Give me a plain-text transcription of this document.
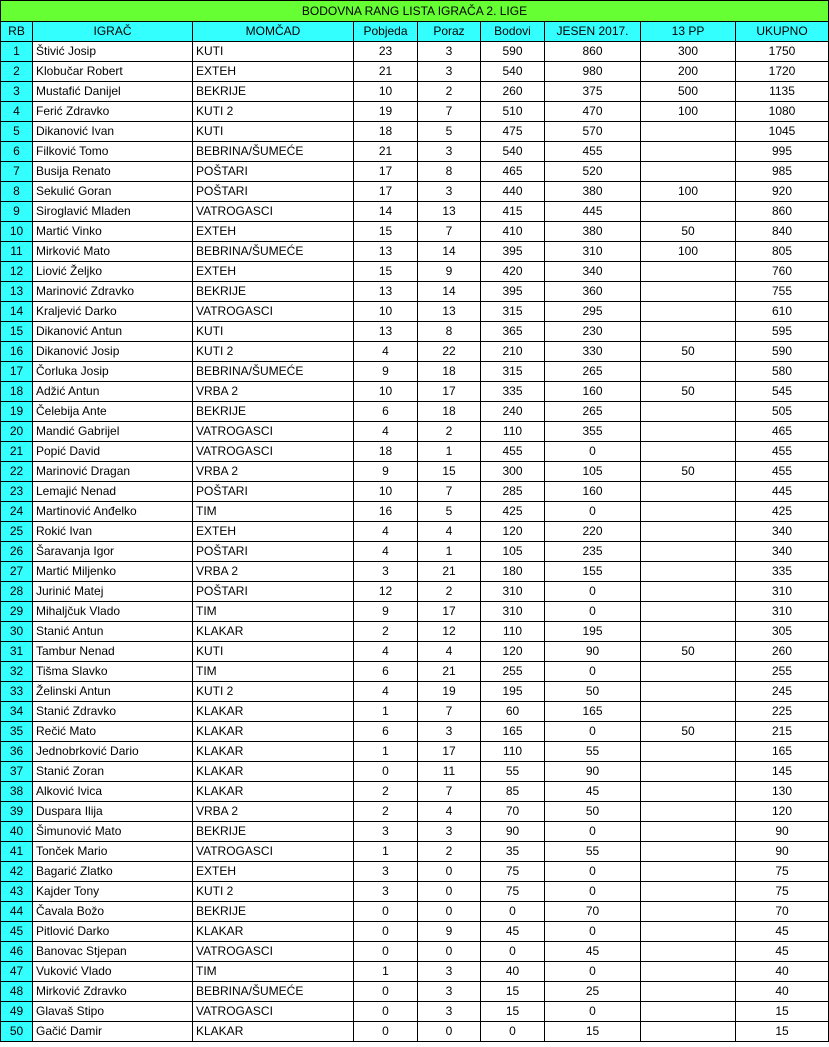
BODOVNA RANG LISTA IGRAČA 2. LIGE								
RB	IGRAČ	MOMČAD	Pobjeda	Poraz	Bodovi	JESEN 2017.	13 PP	UKUPNO
1	Štivić Josip	KUTI	23	3	590	860	300	1750
2	Klobučar Robert	EXTEH	21	3	540	980	200	1720
3	Mustafić Danijel	BEKRIJE	10	2	260	375	500	1135
4	Ferić Zdravko	KUTI 2	19	7	510	470	100	1080
5	Dikanović Ivan	KUTI	18	5	475	570		1045
6	Filković Tomo	BEBRINA/ŠUMEĆE	21	3	540	455		995
7	Busija Renato	POŠTARI	17	8	465	520		985
8	Sekulić Goran	POŠTARI	17	3	440	380	100	920
9	Siroglavić Mladen	VATROGASCI	14	13	415	445		860
10	Martić Vinko	EXTEH	15	7	410	380	50	840
11	Mirković Mato	BEBRINA/ŠUMEĆE	13	14	395	310	100	805
12	Liović Željko	EXTEH	15	9	420	340		760
13	Marinović Zdravko	BEKRIJE	13	14	395	360		755
14	Kraljević Darko	VATROGASCI	10	13	315	295		610
15	Dikanović Antun	KUTI	13	8	365	230		595
16	Dikanović Josip	KUTI 2	4	22	210	330	50	590
17	Čorluka Josip	BEBRINA/ŠUMEĆE	9	18	315	265		580
18	Adžić Antun	VRBA 2	10	17	335	160	50	545
19	Čelebija Ante	BEKRIJE	6	18	240	265		505
20	Mandić Gabrijel	VATROGASCI	4	2	110	355		465
21	Popić David	VATROGASCI	18	1	455	0		455
22	Marinović Dragan	VRBA 2	9	15	300	105	50	455
23	Lemajić Nenad	POŠTARI	10	7	285	160		445
24	Martinović Anđelko	TIM	16	5	425	0		425
25	Rokić Ivan	EXTEH	4	4	120	220		340
26	Šaravanja Igor	POŠTARI	4	1	105	235		340
27	Martić Miljenko	VRBA 2	3	21	180	155		335
28	Jurinić Matej	POŠTARI	12	2	310	0		310
29	Mihaljčuk Vlado	TIM	9	17	310	0		310
30	Stanić Antun	KLAKAR	2	12	110	195		305
31	Tambur Nenad	KUTI	4	4	120	90	50	260
32	Tišma Slavko	TIM	6	21	255	0		255
33	Želinski Antun	KUTI 2	4	19	195	50		245
34	Stanić Zdravko	KLAKAR	1	7	60	165		225
35	Rečić Mato	KLAKAR	6	3	165	0	50	215
36	Jednobrković Dario	KLAKAR	1	17	110	55		165
37	Stanić Zoran	KLAKAR	0	11	55	90		145
38	Alković Ivica	KLAKAR	2	7	85	45		130
39	Duspara Ilija	VRBA 2	2	4	70	50		120
40	Šimunović Mato	BEKRIJE	3	3	90	0		90
41	Tonček Mario	VATROGASCI	1	2	35	55		90
42	Bagarić Zlatko	EXTEH	3	0	75	0		75
43	Kajder Tony	KUTI 2	3	0	75	0		75
44	Čavala Božo	BEKRIJE	0	0	0	70		70
45	Pitlović Darko	KLAKAR	0	9	45	0		45
46	Banovac Stjepan	VATROGASCI	0	0	0	45		45
47	Vuković Vlado	TIM	1	3	40	0		40
48	Mirković Zdravko	BEBRINA/ŠUMEĆE	0	3	15	25		40
49	Glavaš Stipo	VATROGASCI	0	3	15	0		15
50	Gačić Damir	KLAKAR	0	0	0	15		15
